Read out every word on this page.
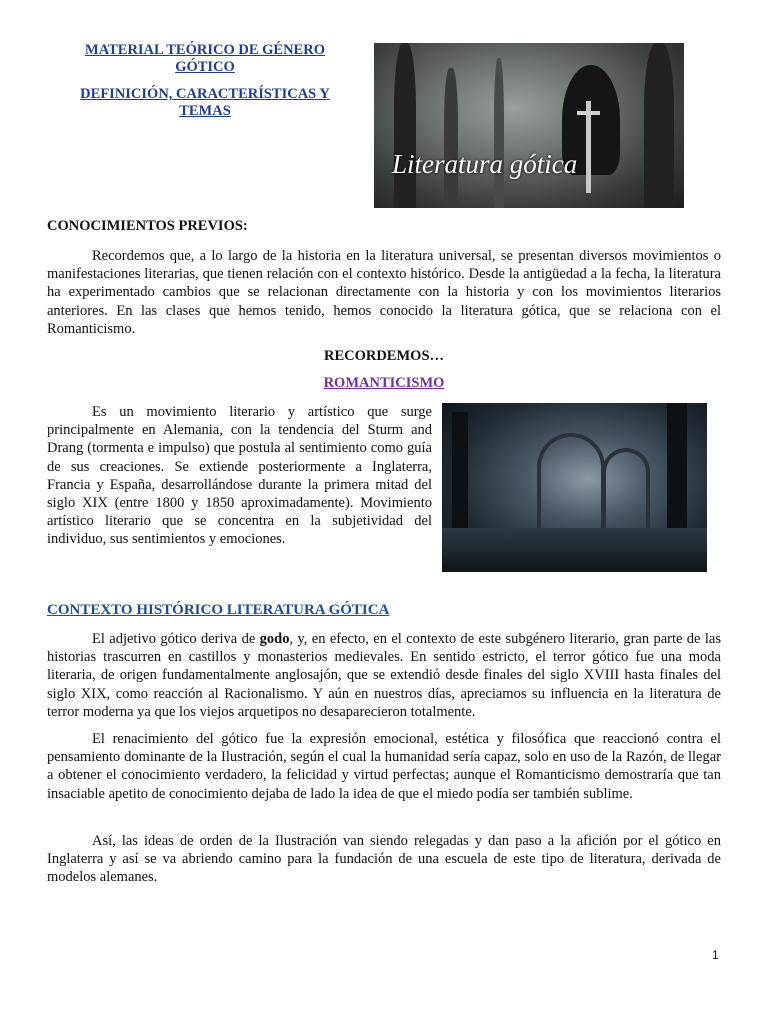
MATERIAL TEÓRICO DE GÉNERO GÓTICO

DEFINICIÓN, CARACTERÍSTICAS Y TEMAS

Literatura gótica
CONOCIMIENTOS PREVIOS:

Recordemos que, a lo largo de la historia en la literatura universal, se presentan diversos movimientos o manifestaciones literarias, que tienen relación con el contexto histórico. Desde la antigüedad a la fecha, la literatura ha experimentado cambios que se relacionan directamente con la historia y con los movimientos literarios anteriores. En las clases que hemos tenido, hemos conocido la literatura gótica, que se relaciona con el Romanticismo.

RECORDEMOS…
ROMANTICISMO

Es un movimiento literario y artístico que surge principalmente en Alemania, con la tendencia del Sturm and Drang (tormenta e impulso) que postula al sentimiento como guía de sus creaciones. Se extiende posteriormente a Inglaterra, Francia y España, desarrollándose durante la primera mitad del siglo XIX (entre 1800 y 1850 aproximadamente). Movimiento artístico literario que se concentra en la subjetividad del individuo, sus sentimientos y emociones.

CONTEXTO HISTÓRICO LITERATURA GÓTICA

El adjetivo gótico deriva de godo, y, en efecto, en el contexto de este subgénero literario, gran parte de las historias trascurren en castillos y monasterios medievales. En sentido estricto, el terror gótico fue una moda literaria, de origen fundamentalmente anglosajón, que se extendió desde finales del siglo XVIII hasta finales del siglo XIX, como reacción al Racionalismo. Y aún en nuestros días, apreciamos su influencia en la literatura de terror moderna ya que los viejos arquetipos no desaparecieron totalmente.

El renacimiento del gótico fue la expresión emocional, estética y filosófica que reaccionó contra el pensamiento dominante de la Ilustración, según el cual la humanidad sería capaz, solo en uso de la Razón, de llegar a obtener el conocimiento verdadero, la felicidad y virtud perfectas; aunque el Romanticismo demostraría que tan insaciable apetito de conocimiento dejaba de lado la idea de que el miedo podía ser también sublime.

Así, las ideas de orden de la Ilustración van siendo relegadas y dan paso a la afición por el gótico en Inglaterra y así se va abriendo camino para la fundación de una escuela de este tipo de literatura, derivada de modelos alemanes.

1
